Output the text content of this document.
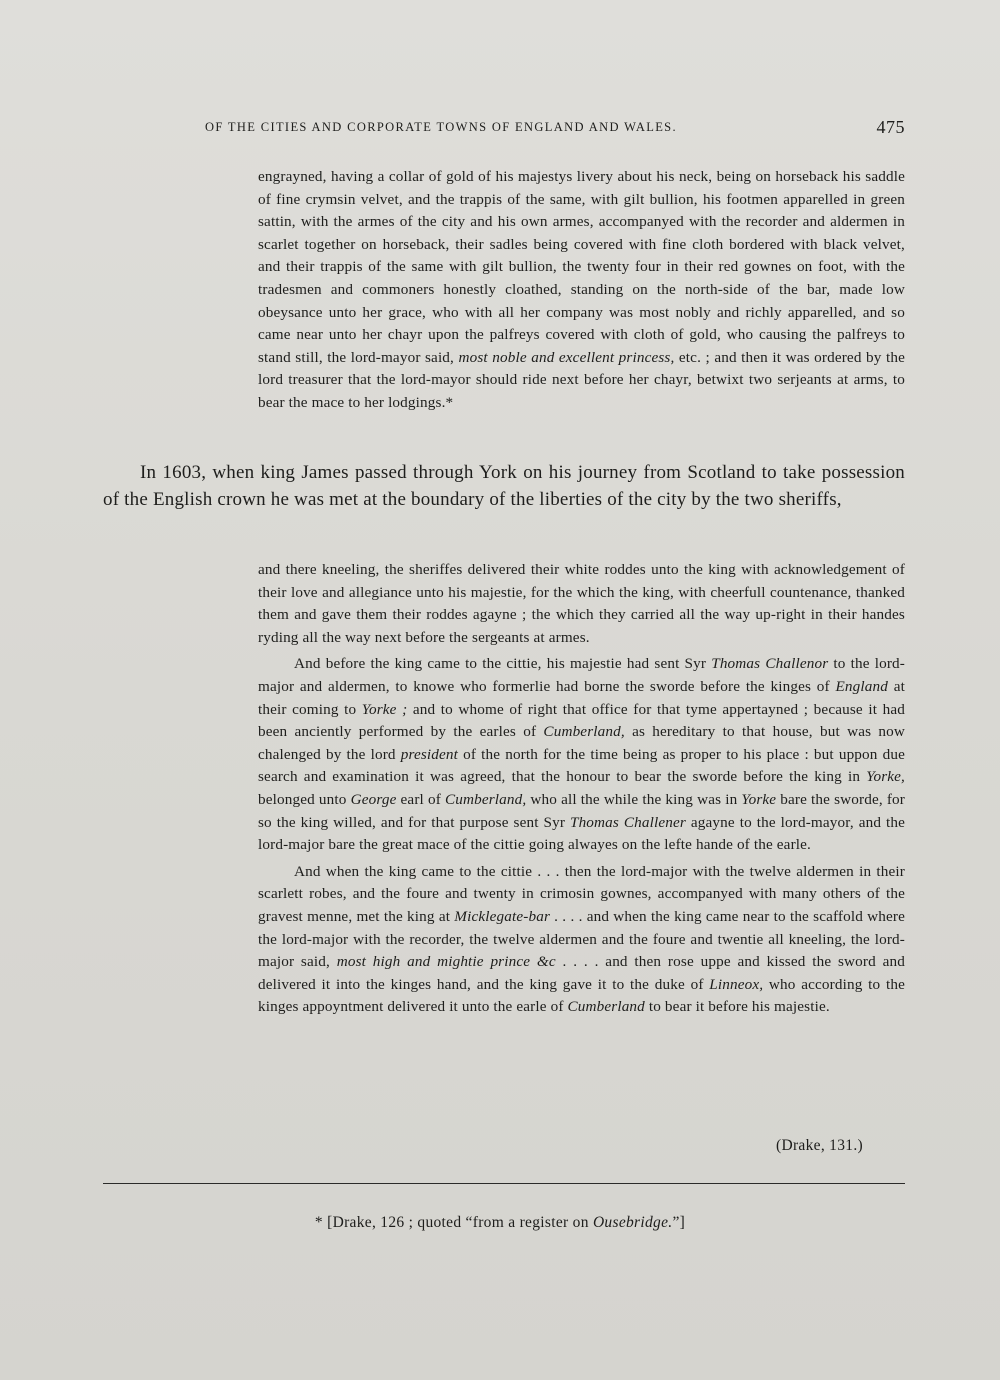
OF THE CITIES AND CORPORATE TOWNS OF ENGLAND AND WALES.	475

engrayned, having a collar of gold of his majestys livery about his neck, being on horseback his saddle of fine crymsin velvet, and the trappis of the same, with gilt bullion, his footmen apparelled in green sattin, with the armes of the city and his own armes, accompanyed with the recorder and aldermen in scarlet together on horseback, their sadles being covered with fine cloth bordered with black velvet, and their trappis of the same with gilt bullion, the twenty four in their red gownes on foot, with the tradesmen and commoners honestly cloathed, standing on the north-side of the bar, made low obeysance unto her grace, who with all her company was most nobly and richly apparelled, and so came near unto her chayr upon the palfreys covered with cloth of gold, who causing the palfreys to stand still, the lord-mayor said, most noble and excellent princess, etc. ; and then it was ordered by the lord treasurer that the lord-mayor should ride next before her chayr, betwixt two serjeants at arms, to bear the mace to her lodgings.*

In 1603, when king James passed through York on his journey from Scotland to take possession of the English crown he was met at the boundary of the liberties of the city by the two sheriffs,

and there kneeling, the sheriffes delivered their white roddes unto the king with acknowledgement of their love and allegiance unto his majestie, for the which the king, with cheerfull countenance, thanked them and gave them their roddes agayne ; the which they carried all the way up-right in their handes ryding all the way next before the sergeants at armes.

And before the king came to the cittie, his majestie had sent Syr Thomas Challenor to the lord-major and aldermen, to knowe who formerlie had borne the sworde before the kinges of England at their coming to Yorke ; and to whome of right that office for that tyme appertayned ; because it had been anciently performed by the earles of Cumberland, as hereditary to that house, but was now chalenged by the lord president of the north for the time being as proper to his place : but uppon due search and examination it was agreed, that the honour to bear the sworde before the king in Yorke, belonged unto George earl of Cumberland, who all the while the king was in Yorke bare the sworde, for so the king willed, and for that purpose sent Syr Thomas Challener agayne to the lord-mayor, and the lord-major bare the great mace of the cittie going alwayes on the lefte hande of the earle.

And when the king came to the cittie . . . then the lord-major with the twelve aldermen in their scarlett robes, and the foure and twenty in crimosin gownes, accompanyed with many others of the gravest menne, met the king at Micklegate-bar . . . . and when the king came near to the scaffold where the lord-major with the recorder, the twelve aldermen and the foure and twentie all kneeling, the lord-major said, most high and mightie prince &c . . . . and then rose uppe and kissed the sword and delivered it into the kinges hand, and the king gave it to the duke of Linneox, who according to the kinges appoyntment delivered it unto the earle of Cumberland to bear it before his majestie.

(Drake, 131.)
* [Drake, 126 ; quoted “from a register on Ousebridge.”]
